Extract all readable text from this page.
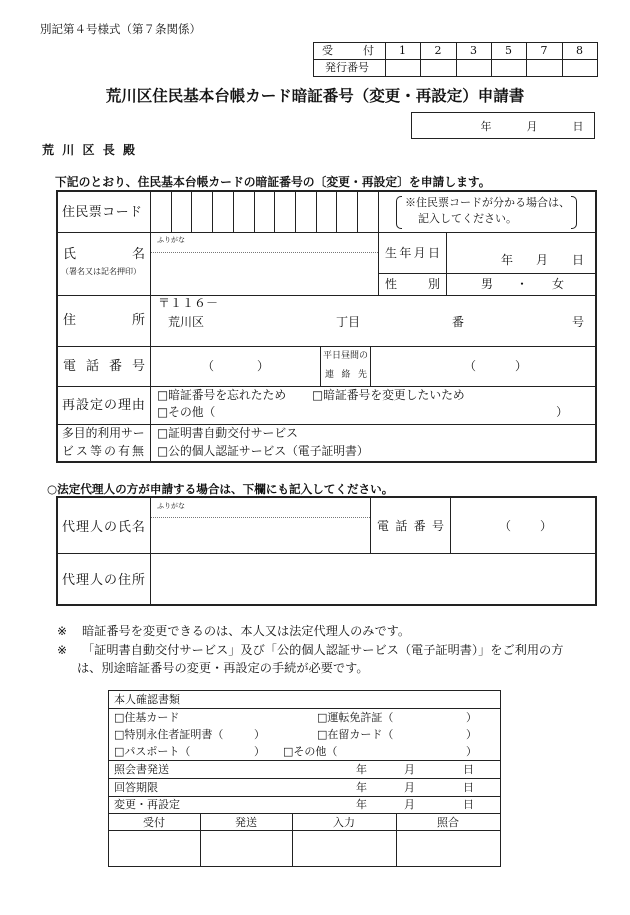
別記第４号様式（第７条関係）
受	付 1	2	3	5	7	8
発行番号
荒川区住民基本台帳カード暗証番号（変更・再設定）申請書
年	月	日
荒 川 区 長 殿
下記のとおり、住民基本台帳カードの暗証番号の〔変更・再設定〕を申請します。
住 民 票 コ ー ド
※住民票コードが分かる場合は、
記入してください。
氏	名
（署名又は記名押印）
ふりがな
生 年 月 日	年 月 日
性	別	男 ・ 女
住	所
〒１１６－
荒川区	丁目	番	号
電 話 番 号	（	）
平日昼間の
連 絡 先
（	）
再 設 定 の 理 由
□暗証番号を忘れたため □暗証番号を変更したいため
□その他（	）
多目的利用サー
ビ ス 等 の 有 無
□証明書自動交付サービス
□公的個人認証サービス（電子証明書）
○法定代理人の方が申請する場合は、下欄にも記入してください。
代 理 人 の 氏 名
ふりがな
電 話 番 号	（ ）
代 理 人 の 住 所
※ 暗証番号を変更できるのは、本人又は法定代理人のみです。
※ 「証明書自動交付サービス」及び「公的個人認証サービス（電子証明書）」をご利用の方
は、別途暗証番号の変更・再設定の手続が必要です。
本人確認書類
□住基カード	□運転免許証（	）
□特別永住者証明書（	）	□在留カード（	）
□パスポート（	） □その他（	）
照会書発送	年	月	日
回答期限	年	月	日
変更・再設定	年	月	日
受付	発送	入力	照合
